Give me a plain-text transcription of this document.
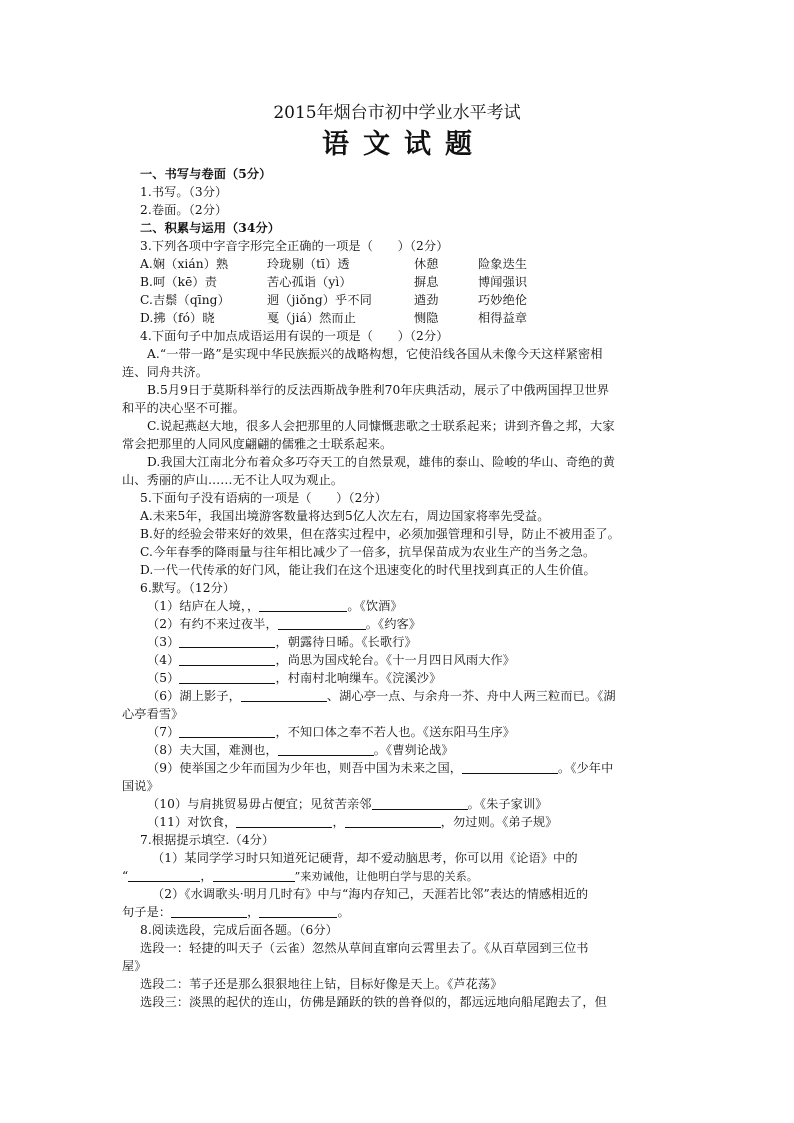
2015年烟台市初中学业水平考试
语文试题
一、书写与卷面（5分）
1.书写。（3分）
2.卷面。（2分）
二、积累与运用（34分）
3.下列各项中字音字形完全正确的一项是（　　）（2分）
A.娴（xián）熟	玲珑剔（tī）透	休憩	险象迭生
B.呵（kē）责	苦心孤诣（yì）	摒息	博闻强识
C.吉鬃（qīng）	迥（jiǒng）乎不同	遒劲	巧妙绝伦
D.拂（fó）晓	戛（jiá）然而止	恻隐	相得益章
4.下面句子中加点成语运用有误的一项是（　　）（2分）
A.“一带一路”是实现中华民族振兴的战略构想，它使沿线各国从未像今天这样紧密相
连、同舟共济。
B.5月9日于莫斯科举行的反法西斯战争胜利70年庆典活动，展示了中俄两国捍卫世界
和平的决心坚不可摧。
C.说起燕赵大地，很多人会把那里的人同慷慨悲歌之士联系起来；讲到齐鲁之邦，大家
常会把那里的人同风度翩翩的儒雅之士联系起来。
D.我国大江南北分布着众多巧夺天工的自然景观，雄伟的泰山、险峻的华山、奇绝的黄
山、秀丽的庐山……无不让人叹为观止。
5.下面句子没有语病的一项是（　　）（2分）
A.未来5年，我国出境游客数量将达到5亿人次左右，周边国家将率先受益。
B.好的经验会带来好的效果，但在落实过程中，必须加强管理和引导，防止不被用歪了。
C.今年春季的降雨量与往年相比减少了一倍多，抗旱保苗成为农业生产的当务之急。
D.一代一代传承的好门风，能让我们在这个迅速变化的时代里找到真正的人生价值。
6.默写。（12分）
（1）结庐在人境，，	。《饮酒》
（2）有约不来过夜半，	。《约客》
（3）	，朝露待日晞。《长歌行》
（4）	，尚思为国戍轮台。《十一月四日风雨大作》
（5）	，村南村北响缫车。《浣溪沙》
（6）湖上影子，	、湖心亭一点、与余舟一芥、舟中人两三粒而已。《湖
心亭看雪》
（7）	，不知口体之奉不若人也。《送东阳马生序》
（8）夫大国，难测也，	。《曹刿论战》
（9）使举国之少年而国为少年也，则吾中国为未来之国，	。《少年中
国说》
（10）与肩挑贸易毋占便宜；见贫苦亲邻	。《朱子家训》
（11）对饮食，	，	，勿过则。《弟子规》
7.根据提示填空.（4分）
（1）某同学学习时只知道死记硬背，却不爱动脑思考，你可以用《论语》中的
“	，	”来劝诫他，让他明白学与思的关系。
（2）《水调歌头·明月几时有》中与“海内存知己，天涯若比邻”表达的情感相近的
句子是：	，	。
8.阅读选段，完成后面各题。（6分）
选段一：轻捷的叫天子（云雀）忽然从草间直窜向云霄里去了。《从百草园到三位书
屋》
选段二：苇子还是那么狠狠地往上钻，目标好像是天上。《芦花荡》
选段三：淡黑的起伏的连山，仿佛是踊跃的铁的兽脊似的，都远远地向船尾跑去了，但
